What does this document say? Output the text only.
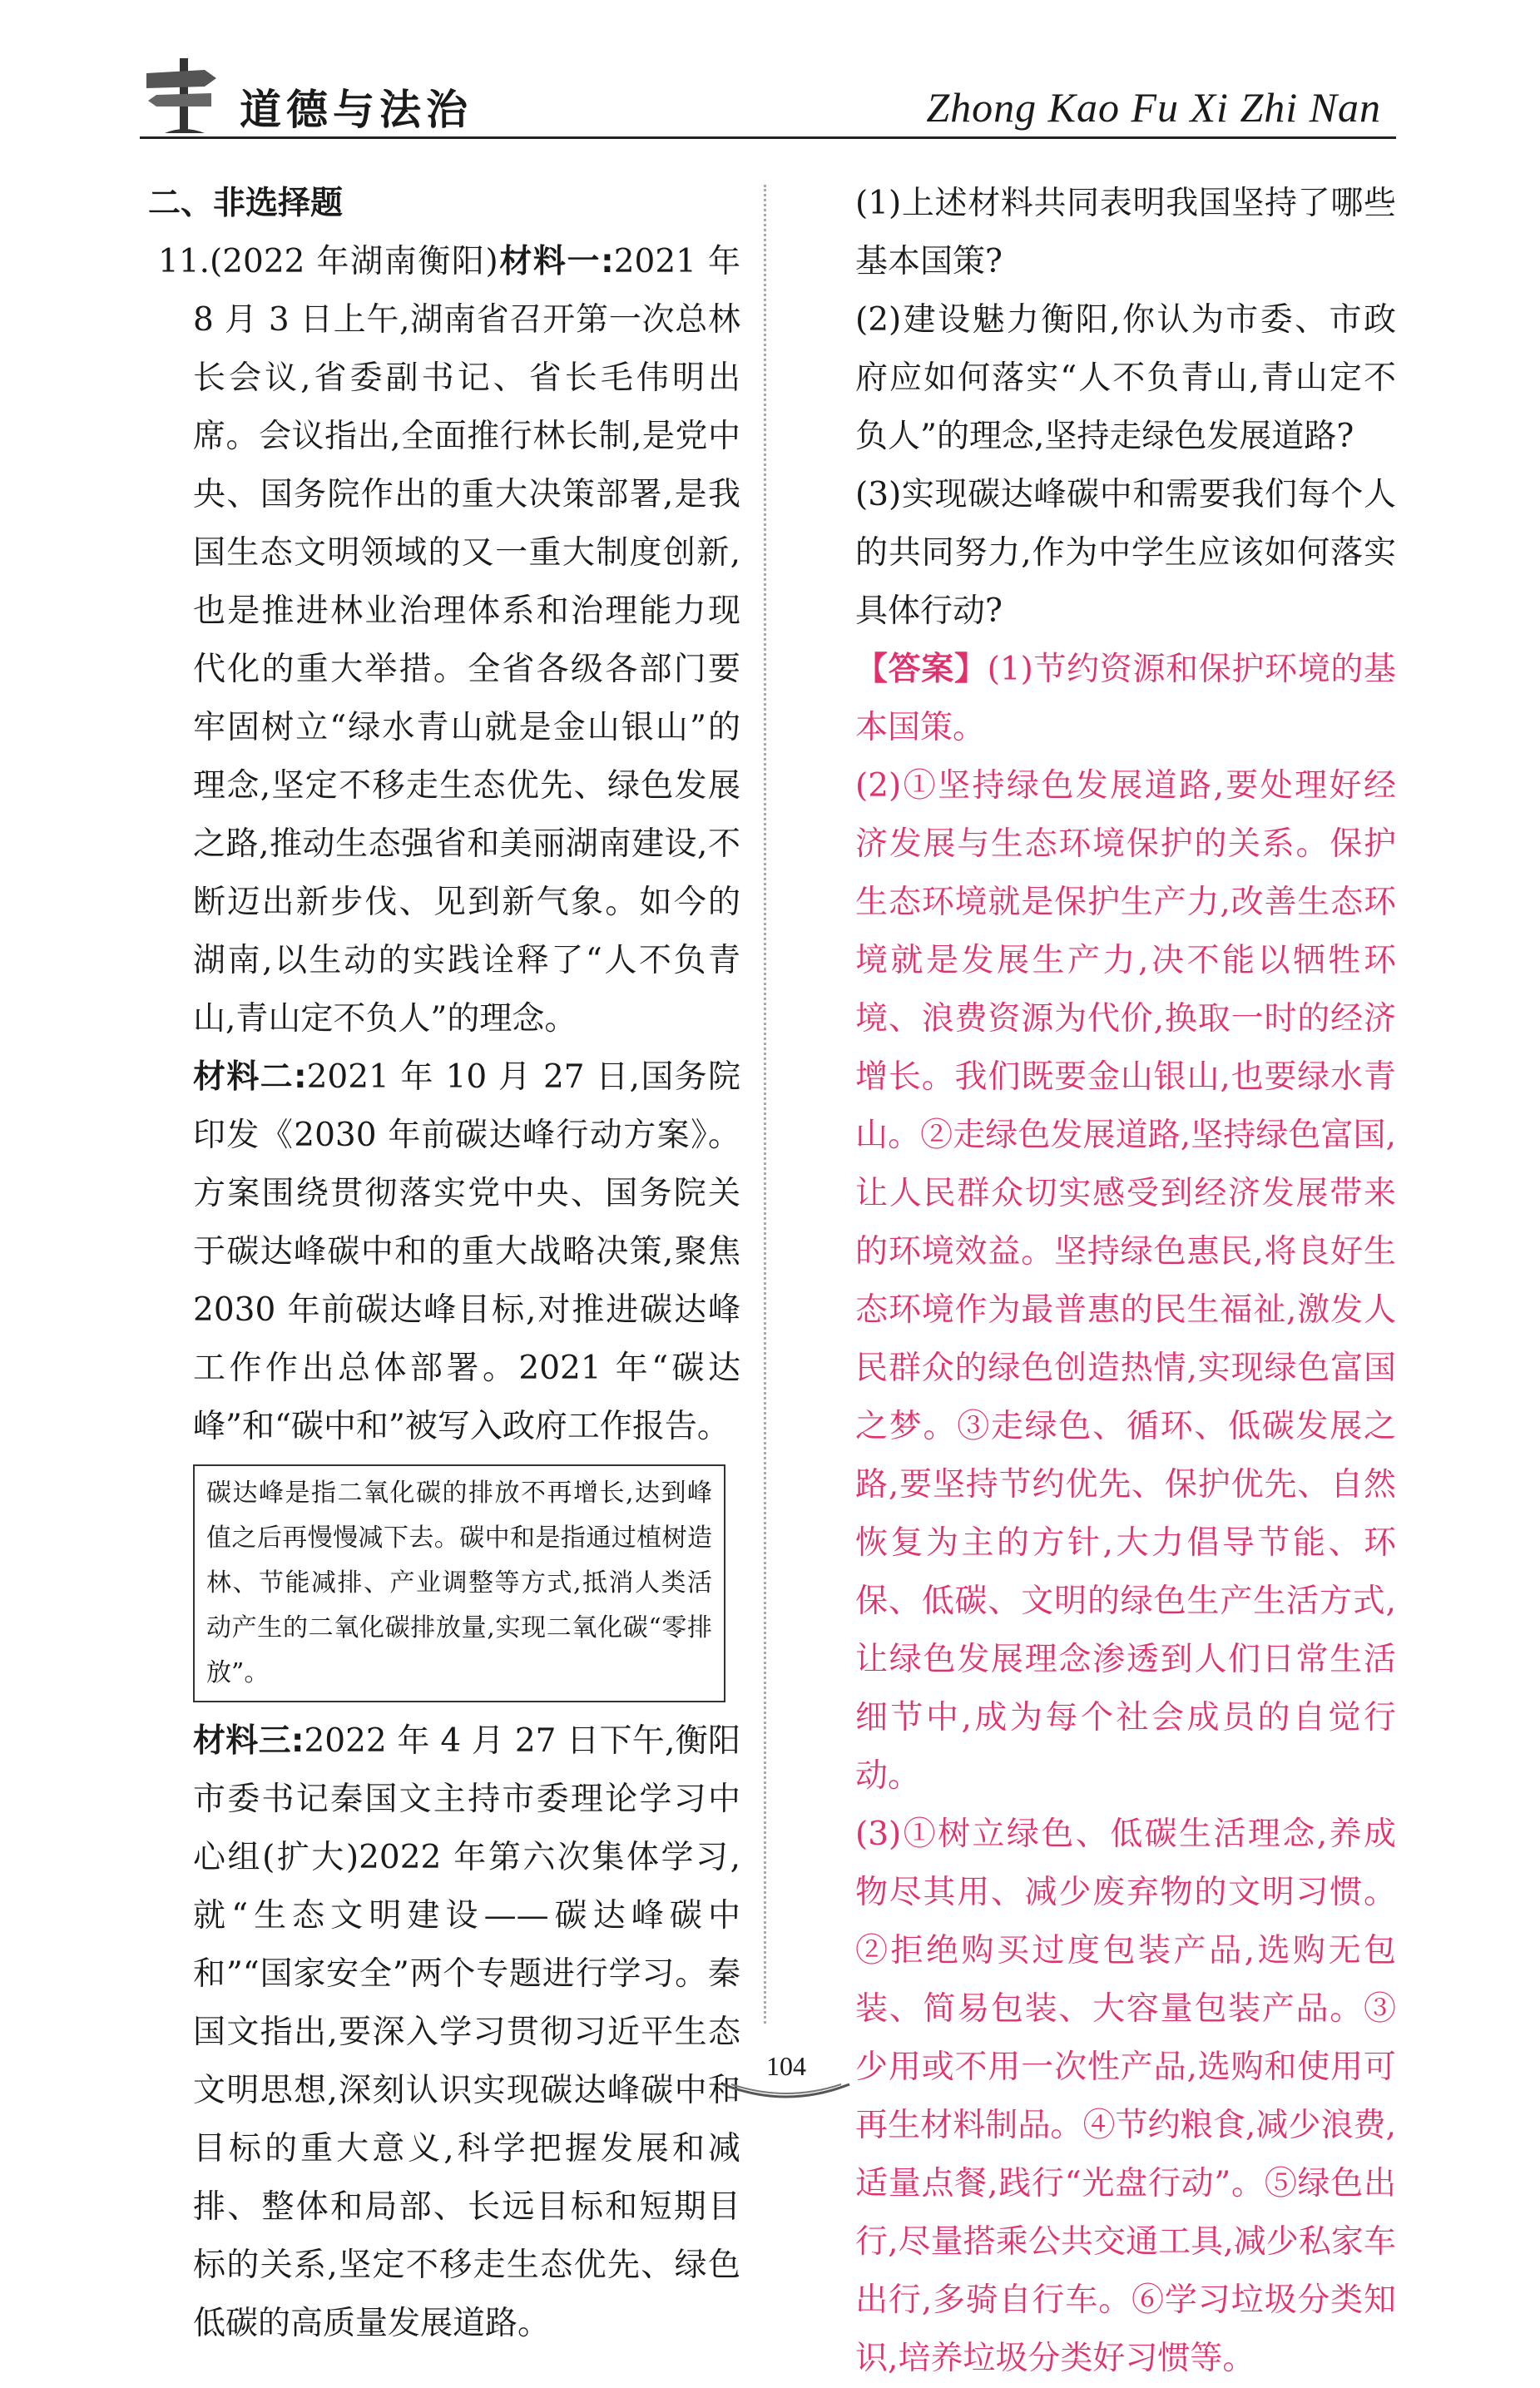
道德与法治	Zhong Kao Fu Xi Zhi Nan

二、非选择题

11.(2022 年湖南衡阳)材料一:2021 年 8 月 3 日上午,湖南省召开第一次总林长会议,省委副书记、省长毛伟明出席。会议指出,全面推行林长制,是党中央、国务院作出的重大决策部署,是我国生态文明领域的又一重大制度创新,也是推进林业治理体系和治理能力现代化的重大举措。全省各级各部门要牢固树立“绿水青山就是金山银山”的理念,坚定不移走生态优先、绿色发展之路,推动生态强省和美丽湖南建设,不断迈出新步伐、见到新气象。如今的湖南,以生动的实践诠释了“人不负青山,青山定不负人”的理念。

材料二:2021 年 10 月 27 日,国务院印发《2030 年前碳达峰行动方案》。方案围绕贯彻落实党中央、国务院关于碳达峰碳中和的重大战略决策,聚焦2030 年前碳达峰目标,对推进碳达峰工作作出总体部署。2021 年“碳达峰”和“碳中和”被写入政府工作报告。

碳达峰是指二氧化碳的排放不再增长,达到峰值之后再慢慢减下去。碳中和是指通过植树造林、节能减排、产业调整等方式,抵消人类活动产生的二氧化碳排放量,实现二氧化碳“零排放”。

材料三:2022 年 4 月 27 日下午,衡阳市委书记秦国文主持市委理论学习中心组(扩大)2022 年第六次集体学习,就“生态文明建设——碳达峰碳中和”“国家安全”两个专题进行学习。秦国文指出,要深入学习贯彻习近平生态文明思想,深刻认识实现碳达峰碳中和目标的重大意义,科学把握发展和减排、整体和局部、长远目标和短期目标的关系,坚定不移走生态优先、绿色低碳的高质量发展道路。

(1)上述材料共同表明我国坚持了哪些基本国策?

(2)建设魅力衡阳,你认为市委、市政府应如何落实“人不负青山,青山定不负人”的理念,坚持走绿色发展道路?

(3)实现碳达峰碳中和需要我们每个人的共同努力,作为中学生应该如何落实具体行动?

【答案】(1)节约资源和保护环境的基本国策。

(2)①坚持绿色发展道路,要处理好经济发展与生态环境保护的关系。保护生态环境就是保护生产力,改善生态环境就是发展生产力,决不能以牺牲环境、浪费资源为代价,换取一时的经济增长。我们既要金山银山,也要绿水青山。②走绿色发展道路,坚持绿色富国,让人民群众切实感受到经济发展带来的环境效益。坚持绿色惠民,将良好生态环境作为最普惠的民生福祉,激发人民群众的绿色创造热情,实现绿色富国之梦。③走绿色、循环、低碳发展之路,要坚持节约优先、保护优先、自然恢复为主的方针,大力倡导节能、环保、低碳、文明的绿色生产生活方式,让绿色发展理念渗透到人们日常生活细节中,成为每个社会成员的自觉行动。

(3)①树立绿色、低碳生活理念,养成物尽其用、减少废弃物的文明习惯。②拒绝购买过度包装产品,选购无包装、简易包装、大容量包装产品。③少用或不用一次性产品,选购和使用可再生材料制品。④节约粮食,减少浪费,适量点餐,践行“光盘行动”。⑤绿色出行,尽量搭乘公共交通工具,减少私家车出行,多骑自行车。⑥学习垃圾分类知识,培养垃圾分类好习惯等。

104
